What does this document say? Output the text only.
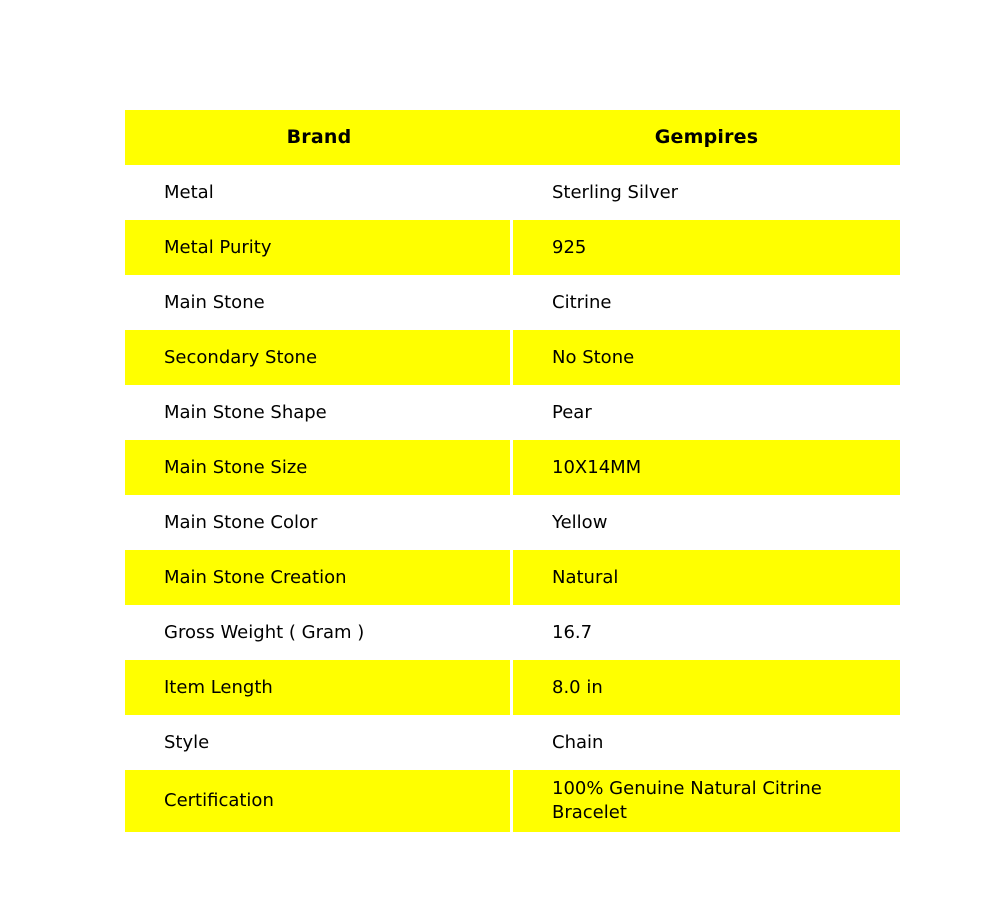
Brand	Gempires
Metal	Sterling Silver
Metal Purity	925
Main Stone	Citrine
Secondary Stone	No Stone
Main Stone Shape	Pear
Main Stone Size	10X14MM
Main Stone Color	Yellow
Main Stone Creation	Natural
Gross Weight ( Gram )	16.7
Item Length	8.0 in
Style	Chain
Certification	100% Genuine Natural Citrine Bracelet
